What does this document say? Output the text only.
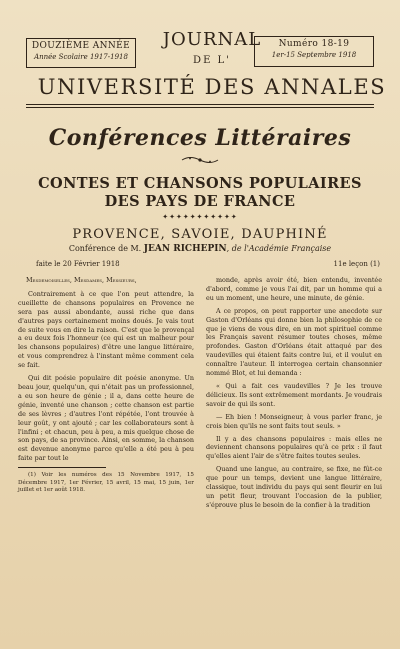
DOUZIÈME ANNÉE
Année Scolaire 1917-1918
JOURNAL
DE L'
Numéro 18-19
1er-15 Septembre 1918
UNIVERSITÉ DES ANNALES
Conférences Littéraires
CONTES ET CHANSONS POPULAIRES
DES PAYS DE FRANCE
✦✦✦✦✦✦✦✦✦✦✦
PROVENCE, SAVOIE, DAUPHINÉ
Conférence de M. JEAN RICHEPIN, de l'Académie Française
faite le 20 Février 1918	11e leçon (1)

Mesdemoiselles, Mesdames, Messieurs,

Contrairement à ce que l'on peut attendre, la cueillette de chansons populaires en Provence ne sera pas aussi abondante, aussi riche que dans d'autres pays certainement moins doués. Je vais tout de suite vous en dire la raison. C'est que le provençal a eu deux fois l'honneur (ce qui est un malheur pour les chansons populaires) d'être une langue littéraire, et vous comprendrez à l'instant même comment cela se fait.

Qui dit poésie populaire dit poésie anonyme. Un beau jour, quelqu'un, qui n'était pas un professionnel, a eu son heure de génie ; il a, dans cette heure de génie, inventé une chanson ; cette chanson est partie de ses lèvres ; d'autres l'ont répétée, l'ont trouvée à leur goût, y ont ajouté ; car les collaborateurs sont à l'infini ; et chacun, peu à peu, a mis quelque chose de son pays, de sa province. Ainsi, en somme, la chanson est devenue anonyme parce qu'elle a été peu à peu faite par tout le

(1) Voir les numéros des 15 Novembre 1917, 15 Décembre 1917, 1er Février, 15 avril, 15 mai, 15 juin, 1er juillet et 1er août 1918.

monde, après avoir été, bien entendu, inventée d'abord, comme je vous l'ai dit, par un homme qui a eu un moment, une heure, une minute, de génie.

A ce propos, on peut rapporter une anecdote sur Gaston d'Orléans qui donne bien la philosophie de ce que je viens de vous dire, en un mot spirituel comme les Français savent résumer toutes choses, même profondes. Gaston d'Orléans était attaqué par des vaudevilles qui étaient faits contre lui, et il voulut en connaître l'auteur. Il interrogea certain chansonnier nommé Blot, et lui demanda :

« Qui a fait ces vaudevilles ? Je les trouve délicieux. Ils sont extrêmement mordants. Je voudrais savoir de qui ils sont.

— Eh bien ! Monseigneur, à vous parler franc, je crois bien qu'ils ne sont faits tout seuls. »

Il y a des chansons populaires : mais elles ne deviennent chansons populaires qu'à ce prix : il faut qu'elles aient l'air de s'être faites toutes seules.

Quand une langue, au contraire, se fixe, ne fût-ce que pour un temps, devient une langue littéraire, classique, tout individu du pays qui sent fleurir en lui un petit fleur, trouvant l'occasion de la publier, s'éprouve plus le besoin de la confier à la tradition
